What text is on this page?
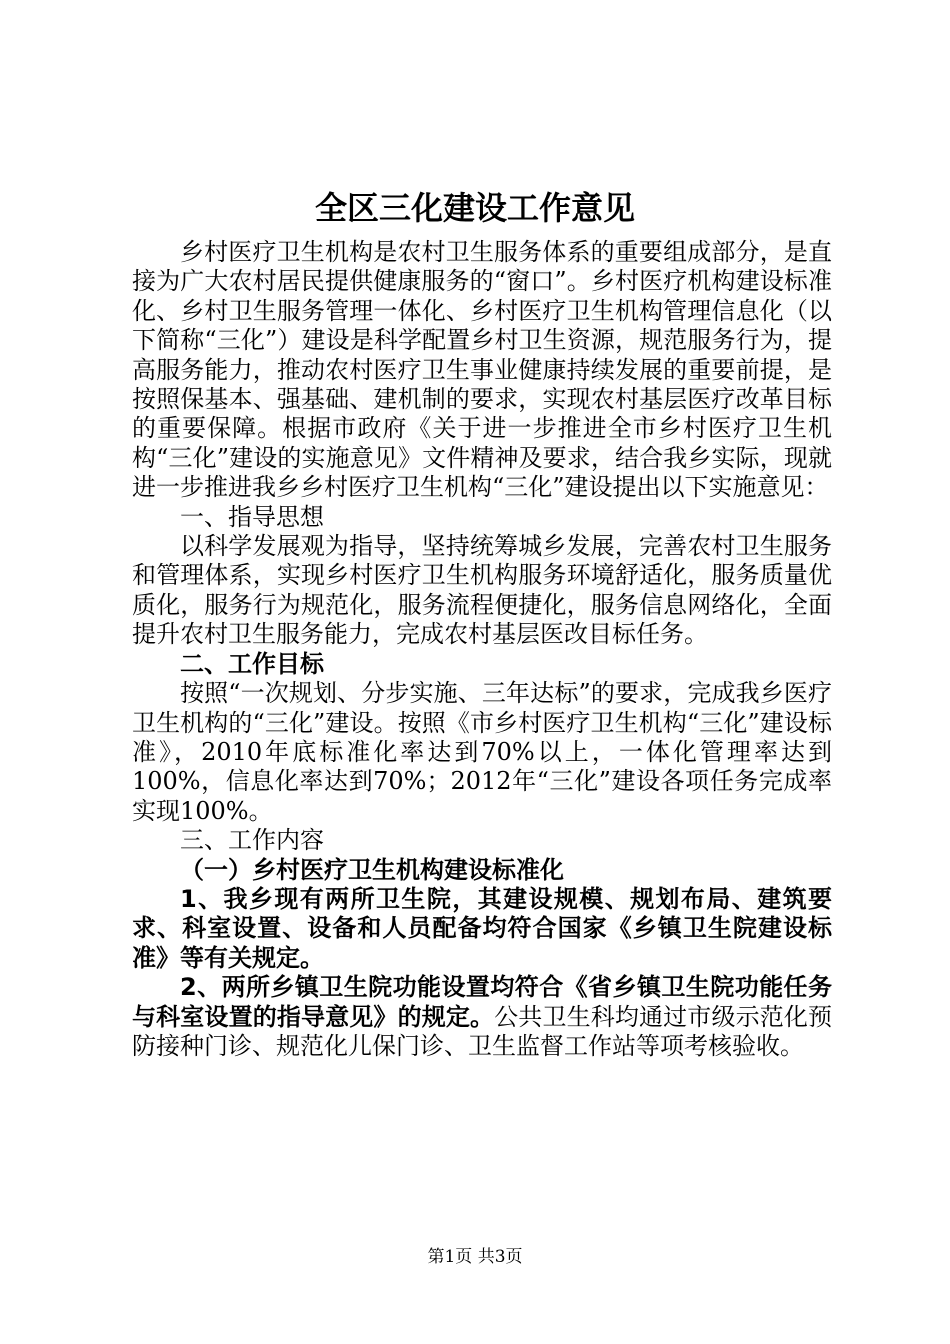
全区三化建设工作意见

乡村医疗卫生机构是农村卫生服务体系的重要组成部分，是直接为广大农村居民提供健康服务的“窗口”。乡村医疗机构建设标准化、乡村卫生服务管理一体化、乡村医疗卫生机构管理信息化（以下简称“三化”）建设是科学配置乡村卫生资源，规范服务行为，提高服务能力，推动农村医疗卫生事业健康持续发展的重要前提，是按照保基本、强基础、建机制的要求，实现农村基层医疗改革目标的重要保障。根据市政府《关于进一步推进全市乡村医疗卫生机构“三化”建设的实施意见》文件精神及要求，结合我乡实际，现就进一步推进我乡乡村医疗卫生机构“三化”建设提出以下实施意见：

一、指导思想

以科学发展观为指导，坚持统筹城乡发展，完善农村卫生服务和管理体系，实现乡村医疗卫生机构服务环境舒适化，服务质量优质化，服务行为规范化，服务流程便捷化，服务信息网络化，全面提升农村卫生服务能力，完成农村基层医改目标任务。

二、工作目标

按照“一次规划、分步实施、三年达标”的要求，完成我乡医疗卫生机构的“三化”建设。按照《市乡村医疗卫生机构“三化”建设标准》，2010年底标准化率达到70%以上，一体化管理率达到100%，信息化率达到70%；2012年“三化”建设各项任务完成率实现100%。

三、工作内容

（一）乡村医疗卫生机构建设标准化

1、我乡现有两所卫生院，其建设规模、规划布局、建筑要求、科室设置、设备和人员配备均符合国家《乡镇卫生院建设标准》等有关规定。

2、两所乡镇卫生院功能设置均符合《省乡镇卫生院功能任务与科室设置的指导意见》的规定。公共卫生科均通过市级示范化预防接种门诊、规范化儿保门诊、卫生监督工作站等项考核验收。

第1页 共3页
